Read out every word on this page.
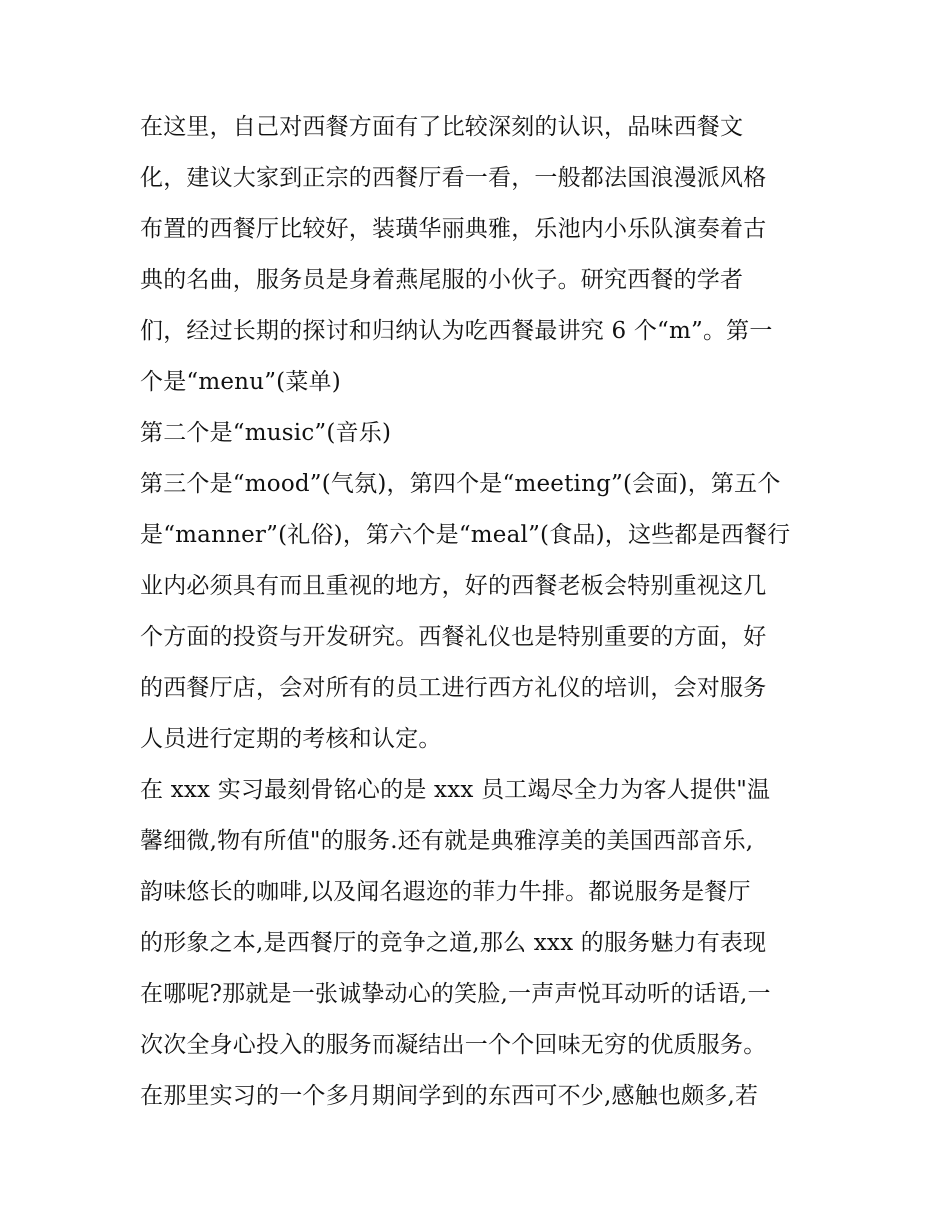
在这里，自己对西餐方面有了比较深刻的认识，品味西餐文
化，建议大家到正宗的西餐厅看一看，一般都法国浪漫派风格
布置的西餐厅比较好，装璜华丽典雅，乐池内小乐队演奏着古
典的名曲，服务员是身着燕尾服的小伙子。研究西餐的学者
们，经过长期的探讨和归纳认为吃西餐最讲究 6 个“m”。第一
个是“menu”(菜单)
第二个是“music”(音乐)
第三个是“mood”(气氛)，第四个是“meeting”(会面)，第五个
是“manner”(礼俗)，第六个是“meal”(食品)，这些都是西餐行
业内必须具有而且重视的地方，好的西餐老板会特别重视这几
个方面的投资与开发研究。西餐礼仪也是特别重要的方面，好
的西餐厅店，会对所有的员工进行西方礼仪的培训，会对服务
人员进行定期的考核和认定。
在 xxx 实习最刻骨铭心的是 xxx 员工竭尽全力为客人提供"温
馨细微,物有所值"的服务.还有就是典雅淳美的美国西部音乐,
韵味悠长的咖啡,以及闻名遐迩的菲力牛排。都说服务是餐厅
的形象之本,是西餐厅的竞争之道,那么 xxx 的服务魅力有表现
在哪呢?那就是一张诚挚动心的笑脸,一声声悦耳动听的话语,一
次次全身心投入的服务而凝结出一个个回味无穷的优质服务。
在那里实习的一个多月期间学到的东西可不少,感触也颇多,若
